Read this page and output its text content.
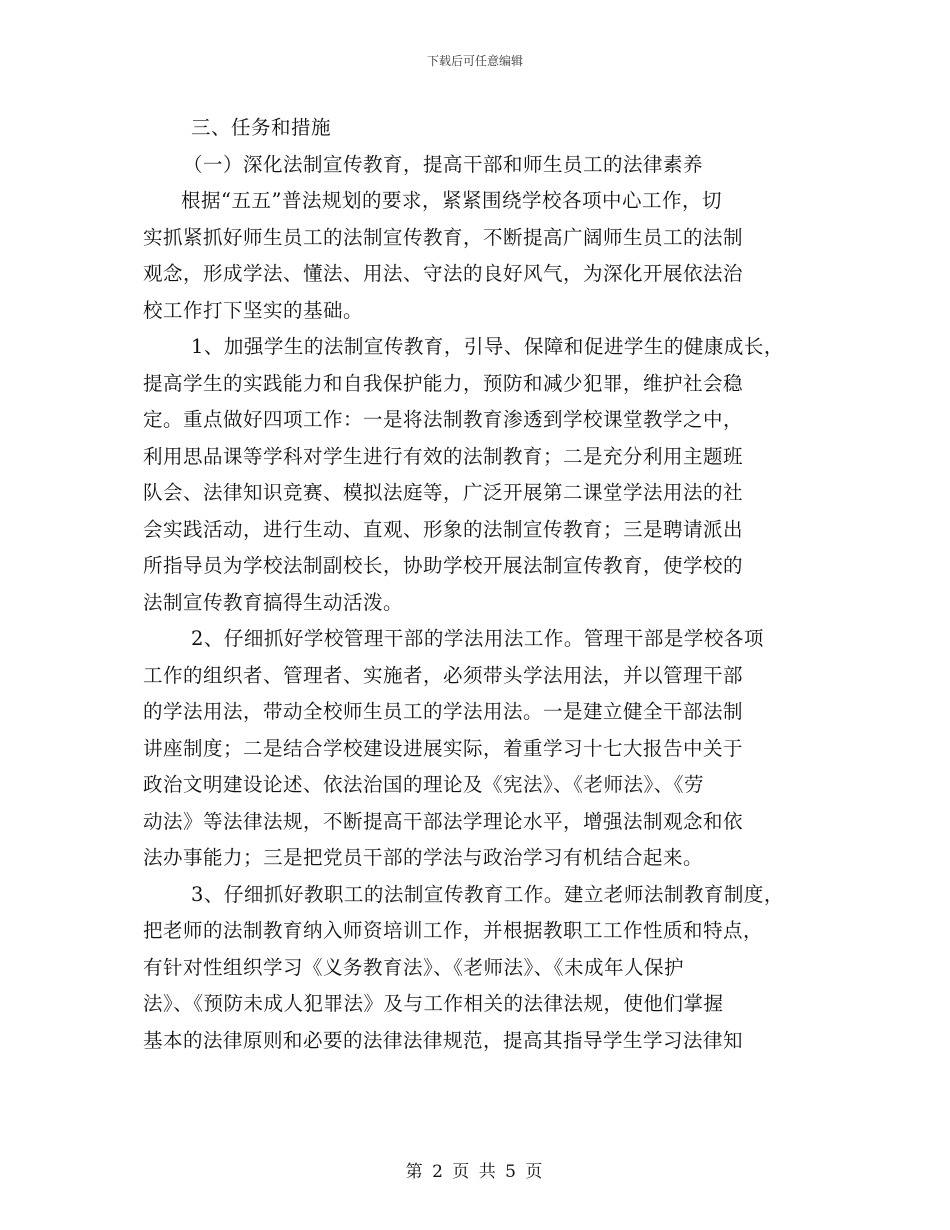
下载后可任意编辑
三、任务和措施
（一）深化法制宣传教育，提高干部和师生员工的法律素养
根据“五五”普法规划的要求，紧紧围绕学校各项中心工作，切
实抓紧抓好师生员工的法制宣传教育，不断提高广阔师生员工的法制
观念，形成学法、懂法、用法、守法的良好风气，为深化开展依法治
校工作打下坚实的基础。
1、加强学生的法制宣传教育，引导、保障和促进学生的健康成长，
提高学生的实践能力和自我保护能力，预防和减少犯罪，维护社会稳
定。重点做好四项工作：一是将法制教育渗透到学校课堂教学之中，
利用思品课等学科对学生进行有效的法制教育；二是充分利用主题班
队会、法律知识竞赛、模拟法庭等，广泛开展第二课堂学法用法的社
会实践活动，进行生动、直观、形象的法制宣传教育；三是聘请派出
所指导员为学校法制副校长，协助学校开展法制宣传教育，使学校的
法制宣传教育搞得生动活泼。
2、仔细抓好学校管理干部的学法用法工作。管理干部是学校各项
工作的组织者、管理者、实施者，必须带头学法用法，并以管理干部
的学法用法，带动全校师生员工的学法用法。一是建立健全干部法制
讲座制度；二是结合学校建设进展实际，着重学习十七大报告中关于
政治文明建设论述、依法治国的理论及《宪法》、《老师法》、《劳
动法》等法律法规，不断提高干部法学理论水平，增强法制观念和依
法办事能力；三是把党员干部的学法与政治学习有机结合起来。
3、仔细抓好教职工的法制宣传教育工作。建立老师法制教育制度，
把老师的法制教育纳入师资培训工作，并根据教职工工作性质和特点，
有针对性组织学习《义务教育法》、《老师法》、《未成年人保护
法》、《预防未成人犯罪法》及与工作相关的法律法规，使他们掌握
基本的法律原则和必要的法律法律规范，提高其指导学生学习法律知
第 2 页 共 5 页
